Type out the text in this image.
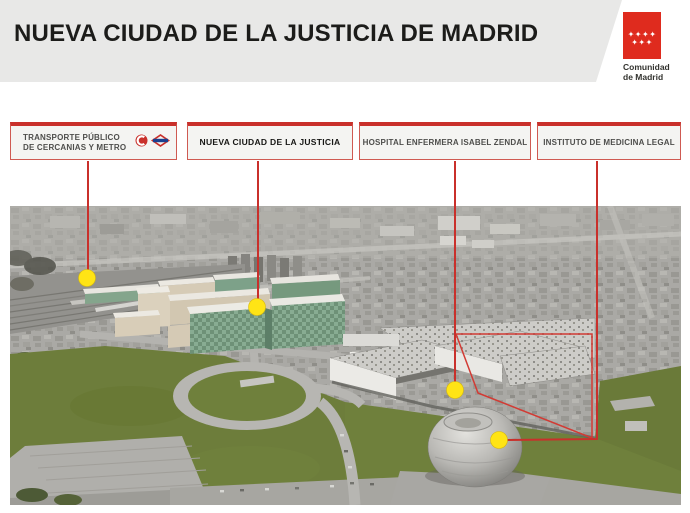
NUEVA CIUDAD DE LA JUSTICIA DE MADRID	✦✦✦✦
✦✦✦
Comunidad
de Madrid
TRANSPORTE PÚBLICO
DE CERCANIAS Y METRO
NUEVA CIUDAD DE LA JUSTICIA	HOSPITAL ENFERMERA ISABEL ZENDAL INSTITUTO DE MEDICINA LEGAL
